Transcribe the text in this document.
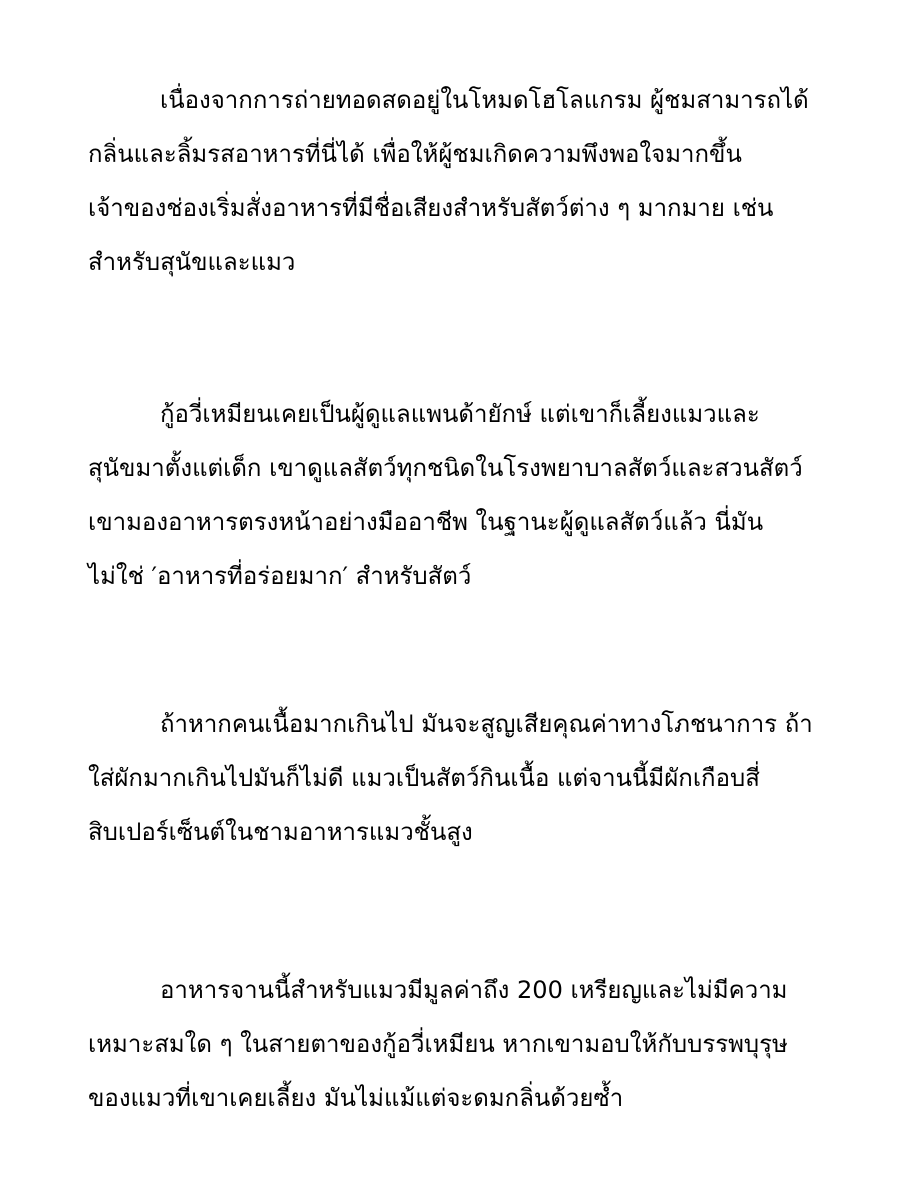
เนื่องจากการถ่ายทอดสดอยู่ในโหมดโฮโลแกรม ผู้ชมสามารถได้
กลิ่นและลิ้มรสอาหารที่นี่ได้ เพื่อให้ผู้ชมเกิดความพึงพอใจมากขึ้น
เจ้าของช่องเริ่มสั่งอาหารที่มีชื่อเสียงสำหรับสัตว์ต่าง ๆ มากมาย เช่น
สำหรับสุนัขและแมว

กู้อวี่เหมียนเคยเป็นผู้ดูแลแพนด้ายักษ์ แต่เขาก็เลี้ยงแมวและ
สุนัขมาตั้งแต่เด็ก เขาดูแลสัตว์ทุกชนิดในโรงพยาบาลสัตว์และสวนสัตว์
เขามองอาหารตรงหน้าอย่างมืออาชีพ ในฐานะผู้ดูแลสัตว์แล้ว นี่มัน
ไม่ใช่ ′อาหารที่อร่อยมาก′ สำหรับสัตว์

ถ้าหากคนเนื้อมากเกินไป มันจะสูญเสียคุณค่าทางโภชนาการ ถ้า
ใส่ผักมากเกินไปมันก็ไม่ดี แมวเป็นสัตว์กินเนื้อ แต่จานนี้มีผักเกือบสี่
สิบเปอร์เซ็นต์ในชามอาหารแมวชั้นสูง

อาหารจานนี้สำหรับแมวมีมูลค่าถึง 200 เหรียญและไม่มีความ
เหมาะสมใด ๆ ในสายตาของกู้อวี่เหมียน หากเขามอบให้กับบรรพบุรุษ
ของแมวที่เขาเคยเลี้ยง มันไม่แม้แต่จะดมกลิ่นด้วยซ้ำ
